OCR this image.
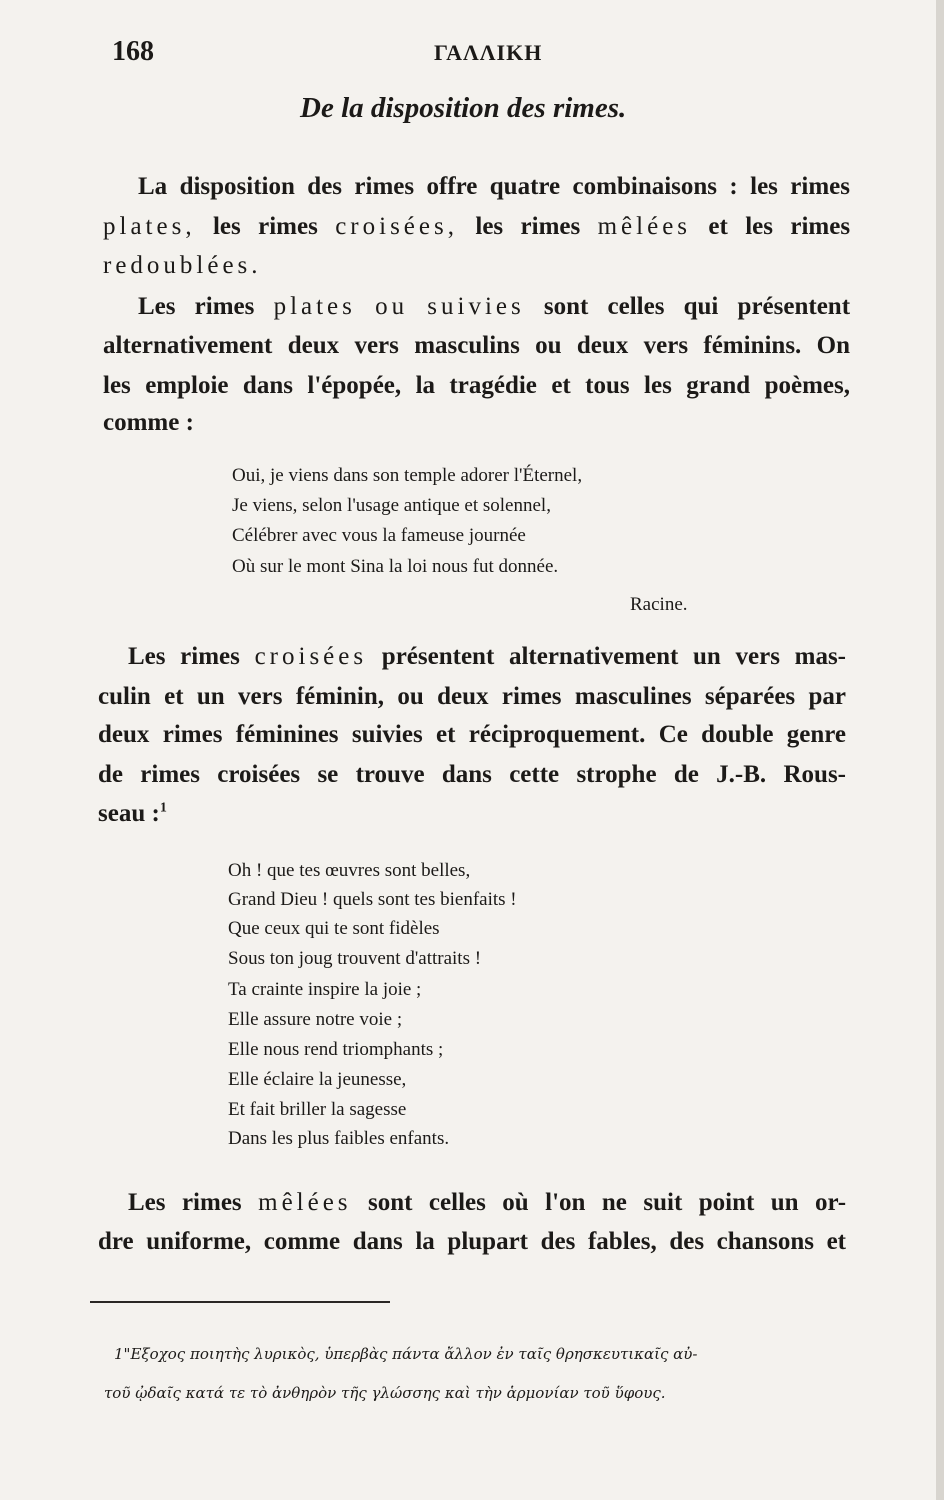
168	ΓΑΛΛΙΚΗ
De la disposition des rimes.
La disposition des rimes offre quatre combinaisons : les rimes
plates, les rimes croisées, les rimes mêlées et les rimes
redoublées.
Les rimes plates ou suivies sont celles qui présentent
alternativement deux vers masculins ou deux vers féminins. On
les emploie dans l'épopée, la tragédie et tous les grand poèmes,
comme :
Oui, je viens dans son temple adorer l'Éternel,
Je viens, selon l'usage antique et solennel,
Célébrer avec vous la fameuse journée
Où sur le mont Sina la loi nous fut donnée.
Racine.
Les rimes croisées présentent alternativement un vers mas-
culin et un vers féminin, ou deux rimes masculines séparées par
deux rimes féminines suivies et réciproquement. Ce double genre
de rimes croisées se trouve dans cette strophe de J.-B. Rous-
seau :$^1$
Oh ! que tes œuvres sont belles,
Grand Dieu ! quels sont tes bienfaits !
Que ceux qui te sont fidèles
Sous ton joug trouvent d'attraits !
Ta crainte inspire la joie ;
Elle assure notre voie ;
Elle nous rend triomphants ;
Elle éclaire la jeunesse,
Et fait briller la sagesse
Dans les plus faibles enfants.
Les rimes mêlées sont celles où l'on ne suit point un or-
dre uniforme, comme dans la plupart des fables, des chansons et
1"Εξοχος ποιητὴς λυρικὸς, ὑπερβὰς πάντα ἄλλον ἐν ταῖς θρησκευτικαῖς αὐ-
τοῦ ᾠδαῖς κατά τε τὸ ἀνθηρὸν τῆς γλώσσης καὶ τὴν ἁρμονίαν τοῦ ὕφους.
